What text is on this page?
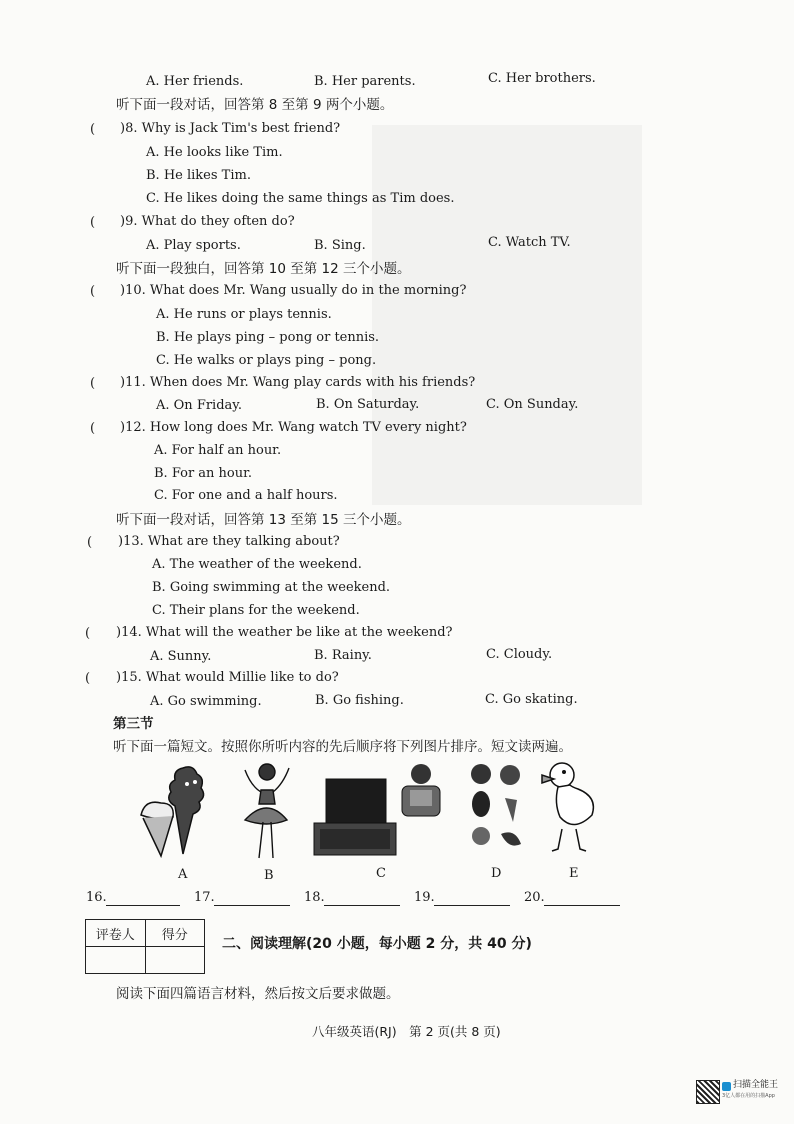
A. Her friends.	B. Her parents.	C. Her brothers.
听下面一段对话，回答第 8 至第 9 两个小题。
( )8. Why is Jack Tim's best friend?
A. He looks like Tim.
B. He likes Tim.
C. He likes doing the same things as Tim does.
( )9. What do they often do?
A. Play sports.	B. Sing.	C. Watch TV.
听下面一段独白，回答第 10 至第 12 三个小题。
( )10. What does Mr. Wang usually do in the morning?
A. He runs or plays tennis.
B. He plays ping – pong or tennis.
C. He walks or plays ping – pong.
( )11. When does Mr. Wang play cards with his friends?
A. On Friday.	B. On Saturday.	C. On Sunday.
( )12. How long does Mr. Wang watch TV every night?
A. For half an hour.
B. For an hour.
C. For one and a half hours.
听下面一段对话，回答第 13 至第 15 三个小题。
( )13. What are they talking about?
A. The weather of the weekend.
B. Going swimming at the weekend.
C. Their plans for the weekend.
( )14. What will the weather be like at the weekend?
A. Sunny.	B. Rainy.	C. Cloudy.
( )15. What would Millie like to do?
A. Go swimming.	B. Go fishing.	C. Go skating.
第三节
听下面一篇短文。按照你所听内容的先后顺序将下列图片排序。短文读两遍。
A	B	C	D	E
16.	17.	18.	19.	20.
评卷人	得分

二、阅读理解(20 小题，每小题 2 分，共 40 分)
阅读下面四篇语言材料，然后按文后要求做题。
八年级英语(RJ)　第 2 页(共 8 页)
扫描全能王
3亿人都在用的扫描App
